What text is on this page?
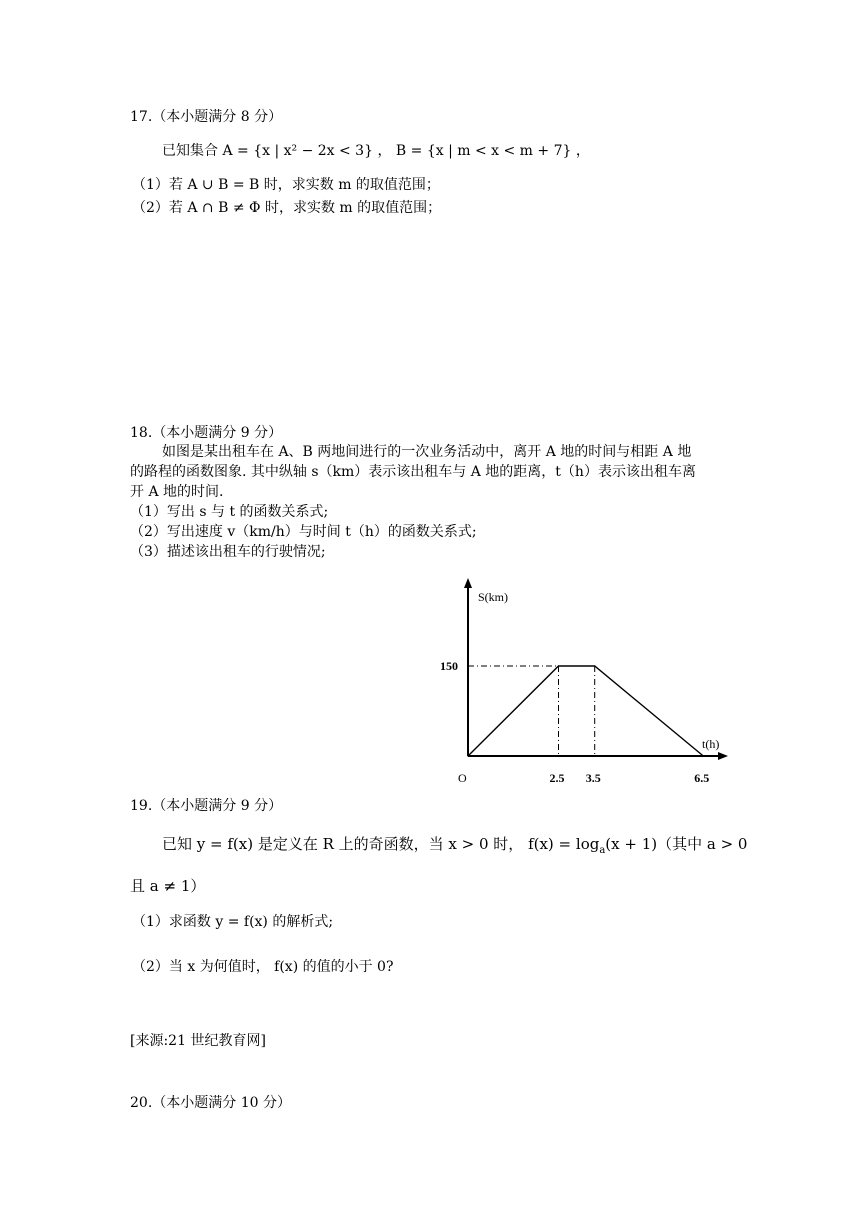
17.（本小题满分 8 分）
已知集合 A = {x | x² − 2x < 3} ， B = {x | m < x < m + 7} ，
（1）若 A ∪ B = B 时，求实数 m 的取值范围；
（2）若 A ∩ B ≠ Φ 时，求实数 m 的取值范围；
18.（本小题满分 9 分）
如图是某出租车在 A、B 两地间进行的一次业务活动中，离开 A 地的时间与相距 A 地
的路程的函数图象. 其中纵轴 s（km）表示该出租车与 A 地的距离，t（h）表示该出租车离
开 A 地的时间.
（1）写出 s 与 t 的函数关系式;
（2）写出速度 v（km/h）与时间 t（h）的函数关系式;
（3）描述该出租车的行驶情况;
S(km)
t(h)
O
150
2.5 3.5	6.5
19.（本小题满分 9 分）
已知 y = f(x) 是定义在 R 上的奇函数，当 x > 0 时， $f(x) = \log_a(x + 1)$（其中 a > 0
且 a ≠ 1）
（1）求函数 y = f(x) 的解析式;
（2）当 x 为何值时， f(x) 的值的小于 0?
[来源:21 世纪教育网]
20.（本小题满分 10 分）
